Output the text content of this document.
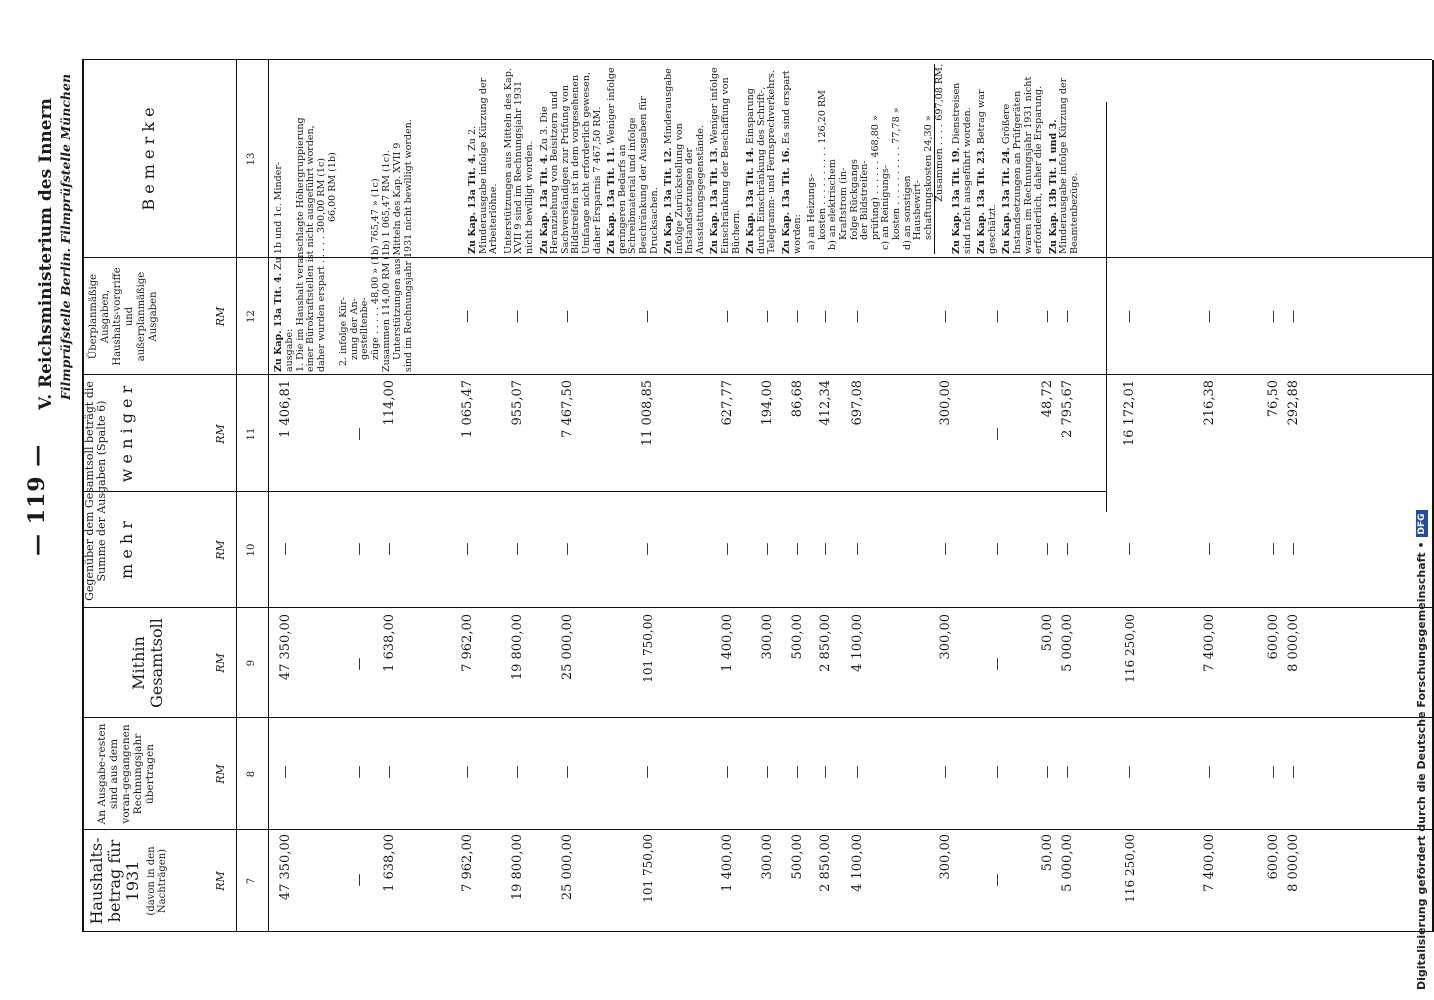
— 119 —
V. Reichsministerium des Innern Filmprüfstelle Berlin. Filmprüfstelle München
Haushalts-betrag für 1931 (davon in den Nachträgen)
An Ausgabe-resten sind aus dem voran-gegangenen Rechnungsjahr übertragen
Mithin Gesamtsoll
Gegenüber dem Gesamtsoll beträgt die Summe der Ausgaben (Spalte 6) m e h r
w e n i g e r
Überplanmäßige Ausgaben, Haushalts-vorgriffe und außerplanmäßige Ausgaben
B e m e r k e
RM
RM
RM
RM
RM
RM
7
8
9
10
11
12
13
47 350,00
—
47 350,00
—
1 406,81
—
—
—
—
—
1 638,00
—
1 638,00
—
114,00
7 962,00
—
7 962,00
—
1 065,47
—
19 800,00
—
19 800,00
—
955,07
—
25 000,00
—
25 000,00
—
7 467,50
—
101 750,00
—
101 750,00
—
11 008,85
—
1 400,00
—
1 400,00
—
627,77
—
300,00
—
300,00
—
194,00
—
500,00
—
500,00
—
86,68
—
2 850,00
—
2 850,00
—
412,34
—
4 100,00
—
4 100,00
—
697,08
—
300,00
—
300,00
—
300,00
—
—
—
—
—
—
—
50,00
—
50,00
—
48,72
—
5 000,00
—
5 000,00
—
2 795,67
—
116 250,00
—
116 250,00
—
16 172,01
—
7 400,00
—
7 400,00
—
216,38
—
600,00
—
600,00
—
76,50
—
8 000,00
—
8 000,00
—
292,88
—
Zu Kap. 13a Tit. 4. Zu 1b und 1c. Minder-
ausgabe: 1. Die im Haushalt veranschlagte Höhergruppierung einer Bürokraftstellen ist nicht ausgeführt worden, daher wurden erspart . . . . . 300,00 RM (1c) 66,00 RM (1b)
2. infolge Kür- zung der An- gestelltenbe- züge . . . . . 48,00 » (1b) 765,47 » (1c) Zusammen 114,00 RM (1b) 1 065,47 RM (1c). Unterstützungen aus Mitteln des Kap. XVII 9 sind im Rechnungsjahr 1931 nicht bewilligt worden.	Zu Kap. 13a Tit. 4. Zu 2. Minderausgabe infolge Kürzung der Arbeiterlöhne. Unterstützungen aus Mitteln des Kap. XVII 9 sind im Rechnungsjahr 1931 nicht bewilligt worden. Zu Kap. 13a Tit. 4. Zu 3. Die Heranziehung von Beisitzern und Sachverständigen zur Prüfung von Bildstreifen ist in dem vorgesehenen Umfange nicht erforderlich gewesen, daher Ersparnis 7 467,50 RM. Zu Kap. 13a Tit. 11. Weniger infolge geringeren Bedarfs an Schreibmaterial und infolge Beschränkung der Ausgaben für Drucksachen. Zu Kap. 13a Tit. 12. Minderausgabe infolge Zurückstellung von Instandsetzungen der Ausstattungsgegenstände. Zu Kap. 13a Tit. 13. Weniger infolge Einschränkung der Beschaffung von Büchern. Zu Kap. 13a Tit. 14. Einsparung durch Einschränkung des Schrift-, Telegramm- und Fernsprechverkehrs. Zu Kap. 13a Tit. 16. Es sind erspart worden: a) an Heizungs- kosten . . . . . . . . . . 126,20 RM b) an elektrischem Kraftstrom (in- folge Rückgangs der Bildstreifen- prüfung) . . . . . . 468,80 » c) an Reinigungs- kosten . . . . . . . . . . 77,78 » d) an sonstigen Hausbewirt- schaftungskosten 24,30 » Zusammen . . . . 697,08 RM. Zu Kap. 13a Tit. 19. Dienstreisen sind nicht ausgeführt worden. Zu Kap. 13a Tit. 23. Betrag war geschätzt. Zu Kap. 13a Tit. 24. Größere Instandsetzungen an Prüfgeräten waren im Rechnungsjahr 1931 nicht erforderlich, daher die Ersparung. Zu Kap. 13b Tit. 1 und 3. Minderausgabe infolge Kürzung der Beamtenbezüge.
Digitalisierung gefördert durch die Deutsche Forschungsgemeinschaft •DFG
